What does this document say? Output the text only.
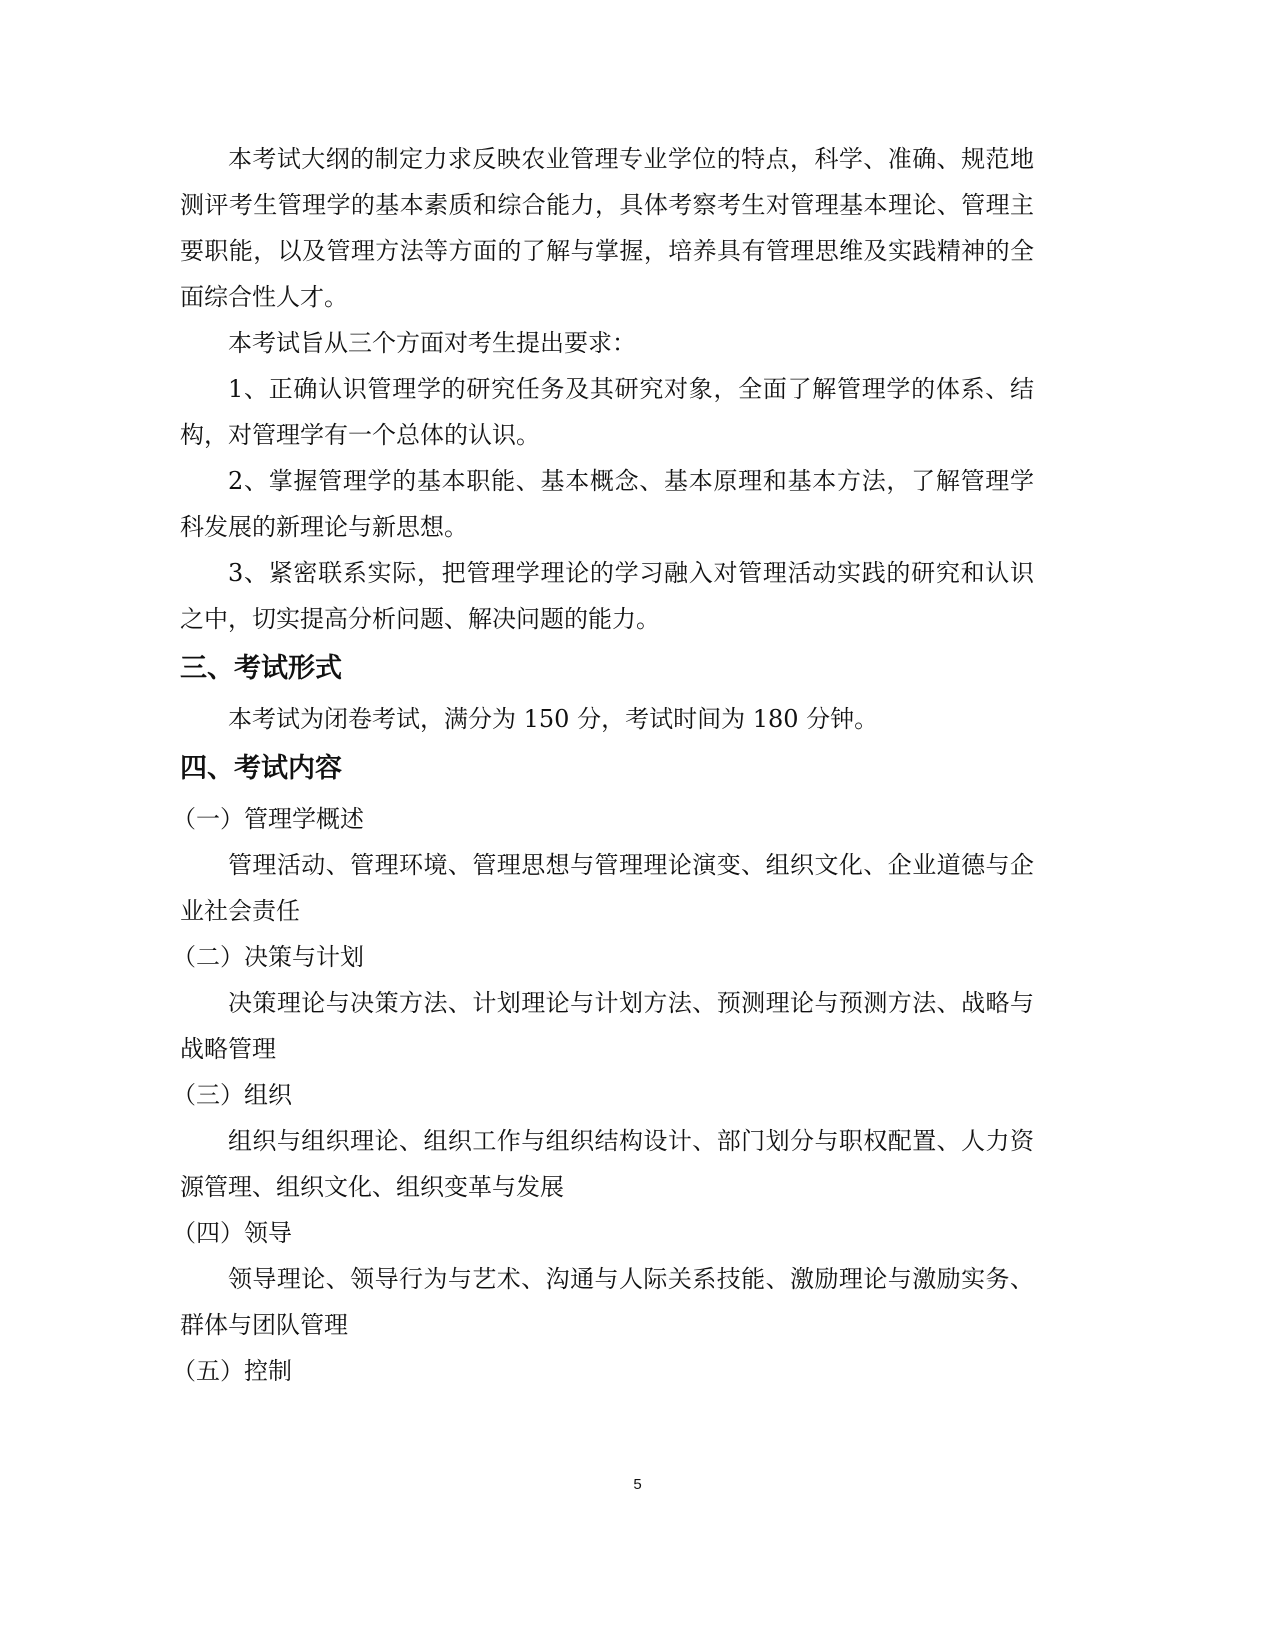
本考试大纲的制定力求反映农业管理专业学位的特点，科学、准确、规范地测评考生管理学的基本素质和综合能力，具体考察考生对管理基本理论、管理主要职能，以及管理方法等方面的了解与掌握，培养具有管理思维及实践精神的全面综合性人才。

本考试旨从三个方面对考生提出要求：

1、正确认识管理学的研究任务及其研究对象，全面了解管理学的体系、结构，对管理学有一个总体的认识。

2、掌握管理学的基本职能、基本概念、基本原理和基本方法，了解管理学科发展的新理论与新思想。

3、紧密联系实际，把管理学理论的学习融入对管理活动实践的研究和认识之中，切实提高分析问题、解决问题的能力。

三、考试形式

本考试为闭卷考试，满分为 150 分，考试时间为 180 分钟。

四、考试内容

（一）管理学概述

管理活动、管理环境、管理思想与管理理论演变、组织文化、企业道德与企业社会责任

（二）决策与计划

决策理论与决策方法、计划理论与计划方法、预测理论与预测方法、战略与战略管理

（三）组织

组织与组织理论、组织工作与组织结构设计、部门划分与职权配置、人力资源管理、组织文化、组织变革与发展

（四）领导

领导理论、领导行为与艺术、沟通与人际关系技能、激励理论与激励实务、群体与团队管理

（五）控制

5
